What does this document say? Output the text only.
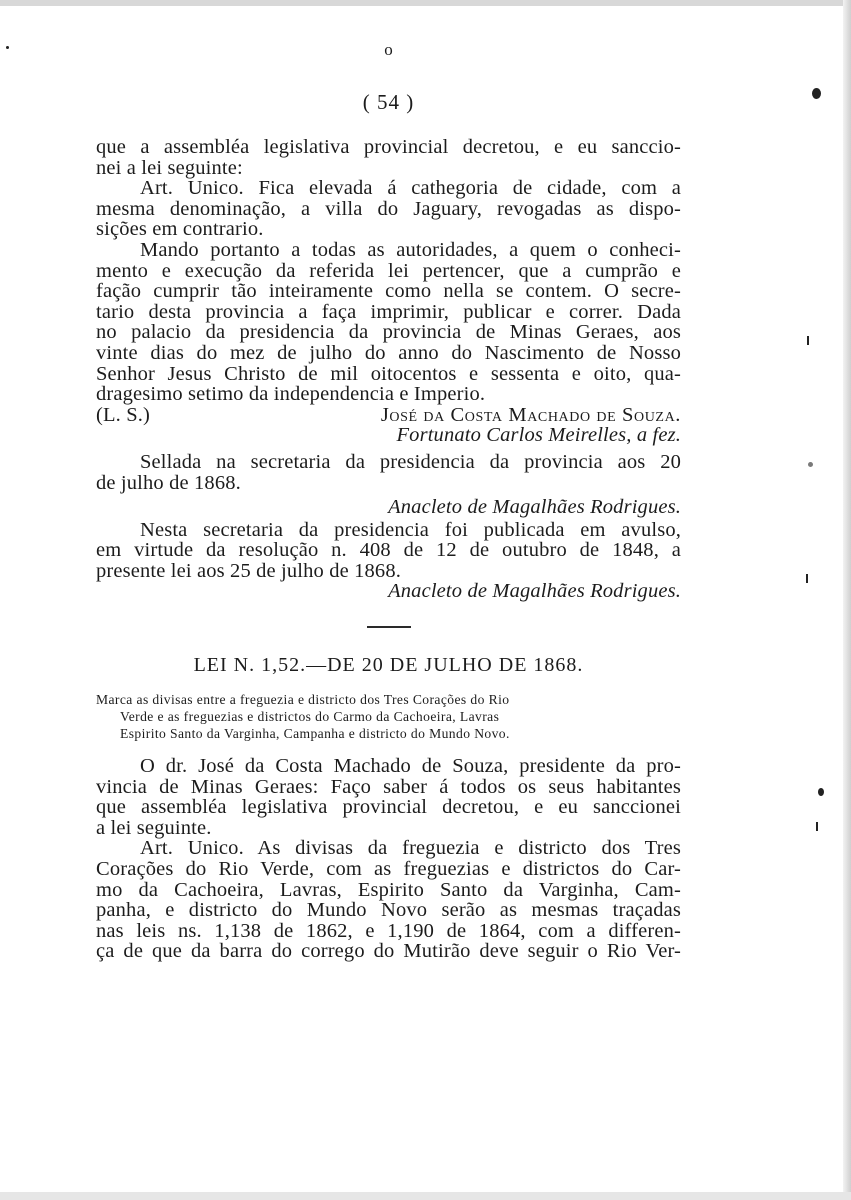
o
( 54 )
que a assembléa legislativa provincial decretou, e eu sanccio-
nei a lei seguinte:
Art. Unico. Fica elevada á cathegoria de cidade, com a
mesma denominação, a villa do Jaguary, revogadas as dispo-
sições em contrario.
Mando portanto a todas as autoridades, a quem o conheci-
mento e execução da referida lei pertencer, que a cumprão e
fação cumprir tão inteiramente como nella se contem. O secre-
tario desta provincia a faça imprimir, publicar e correr. Dada
no palacio da presidencia da provincia de Minas Geraes, aos
vinte dias do mez de julho do anno do Nascimento de Nosso
Senhor Jesus Christo de mil oitocentos e sessenta e oito, qua-
dragesimo setimo da independencia e Imperio.
(L. S.)	José da Costa Machado de Souza.
Fortunato Carlos Meirelles, a fez.
Sellada na secretaria da presidencia da provincia aos 20
de julho de 1868.
Anacleto de Magalhães Rodrigues.
Nesta secretaria da presidencia foi publicada em avulso,
em virtude da resolução n. 408 de 12 de outubro de 1848, a
presente lei aos 25 de julho de 1868.
Anacleto de Magalhães Rodrigues.
LEI N. 1,52.—DE 20 DE JULHO DE 1868.
Marca as divisas entre a freguezia e districto dos Tres Corações do Rio
Verde e as freguezias e districtos do Carmo da Cachoeira, Lavras
Espirito Santo da Varginha, Campanha e districto do Mundo Novo.
O dr. José da Costa Machado de Souza, presidente da pro-
vincia de Minas Geraes: Faço saber á todos os seus habitantes
que assembléa legislativa provincial decretou, e eu sanccionei
a lei seguinte.
Art. Unico. As divisas da freguezia e districto dos Tres
Corações do Rio Verde, com as freguezias e districtos do Car-
mo da Cachoeira, Lavras, Espirito Santo da Varginha, Cam-
panha, e districto do Mundo Novo serão as mesmas traçadas
nas leis ns. 1,138 de 1862, e 1,190 de 1864, com a differen-
ça de que da barra do corrego do Mutirão deve seguir o Rio Ver-
